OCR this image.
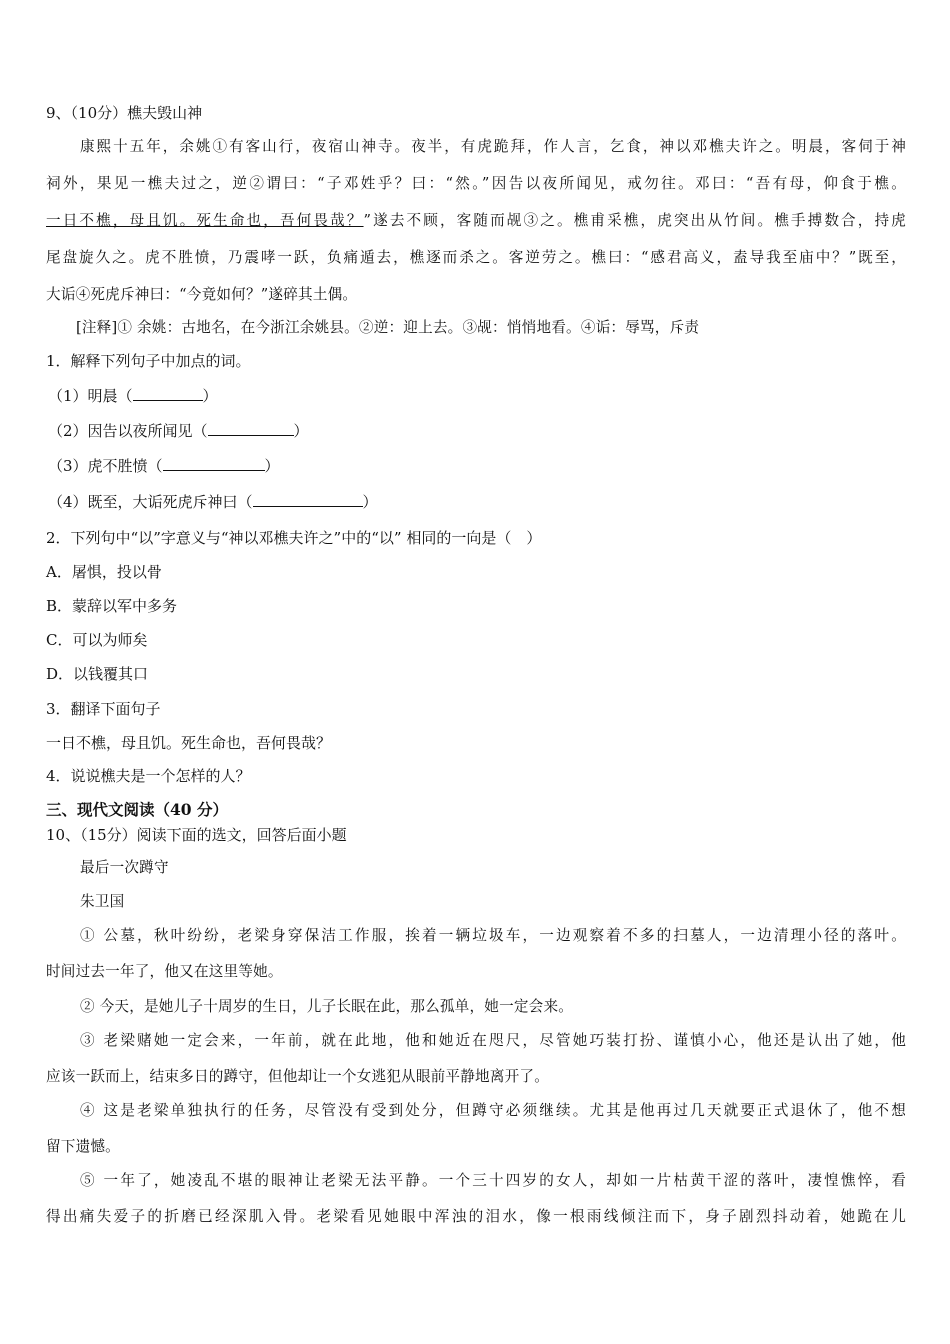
9、（10分）樵夫毁山神
康熙十五年，余姚①有客山行，夜宿山神寺。夜半，有虎跪拜，作人言，乞食，神以邓樵夫许之。明晨，客伺于神
祠外，果见一樵夫过之，逆②谓曰：“子邓姓乎？曰：“然。”因告以夜所闻见，戒勿往。邓曰：“吾有母，仰食于樵。
一日不樵，母且饥。死生命也，吾何畏哉？”遂去不顾，客随而觇③之。樵甫采樵，虎突出从竹间。樵手搏数合，持虎
尾盘旋久之。虎不胜愤，乃震哮一跃，负痛遁去，樵逐而杀之。客逆劳之。樵曰：“感君高义，盍导我至庙中？”既至，
大诟④死虎斥神曰：“今竟如何？”遂碎其土偶。
[注释]① 余姚：古地名，在今浙江余姚县。②逆：迎上去。③觇：悄悄地看。④诟：辱骂，斥责
1．解释下列句子中加点的词。
（1）明晨（	）
（2）因告以夜所闻见（	）
（3）虎不胜愤（	）
（4）既至，大诟死虎斥神曰（	）
2．下列句中“以”字意义与“神以邓樵夫许之”中的“以” 相同的一向是（　）
A．屠惧，投以骨
B．蒙辞以军中多务
C．可以为师矣
D．以钱覆其口
3．翻译下面句子
一日不樵，母且饥。死生命也，吾何畏哉？
4．说说樵夫是一个怎样的人？
三、现代文阅读（40 分）
10、（15分）阅读下面的选文，回答后面小题
最后一次蹲守
朱卫国
① 公墓，秋叶纷纷，老梁身穿保洁工作服，挨着一辆垃圾车，一边观察着不多的扫墓人，一边清理小径的落叶。
时间过去一年了，他又在这里等她。
② 今天，是她儿子十周岁的生日，儿子长眠在此，那么孤单，她一定会来。
③ 老梁赌她一定会来，一年前，就在此地，他和她近在咫尺，尽管她巧装打扮、谨慎小心，他还是认出了她，他
应该一跃而上，结束多日的蹲守，但他却让一个女逃犯从眼前平静地离开了。
④ 这是老梁单独执行的任务，尽管没有受到处分，但蹲守必须继续。尤其是他再过几天就要正式退休了，他不想
留下遗憾。
⑤ 一年了，她凌乱不堪的眼神让老梁无法平静。一个三十四岁的女人，却如一片枯黄干涩的落叶，凄惶憔悴，看
得出痛失爱子的折磨已经深肌入骨。老梁看见她眼中浑浊的泪水，像一根雨线倾注而下，身子剧烈抖动着，她跪在儿
